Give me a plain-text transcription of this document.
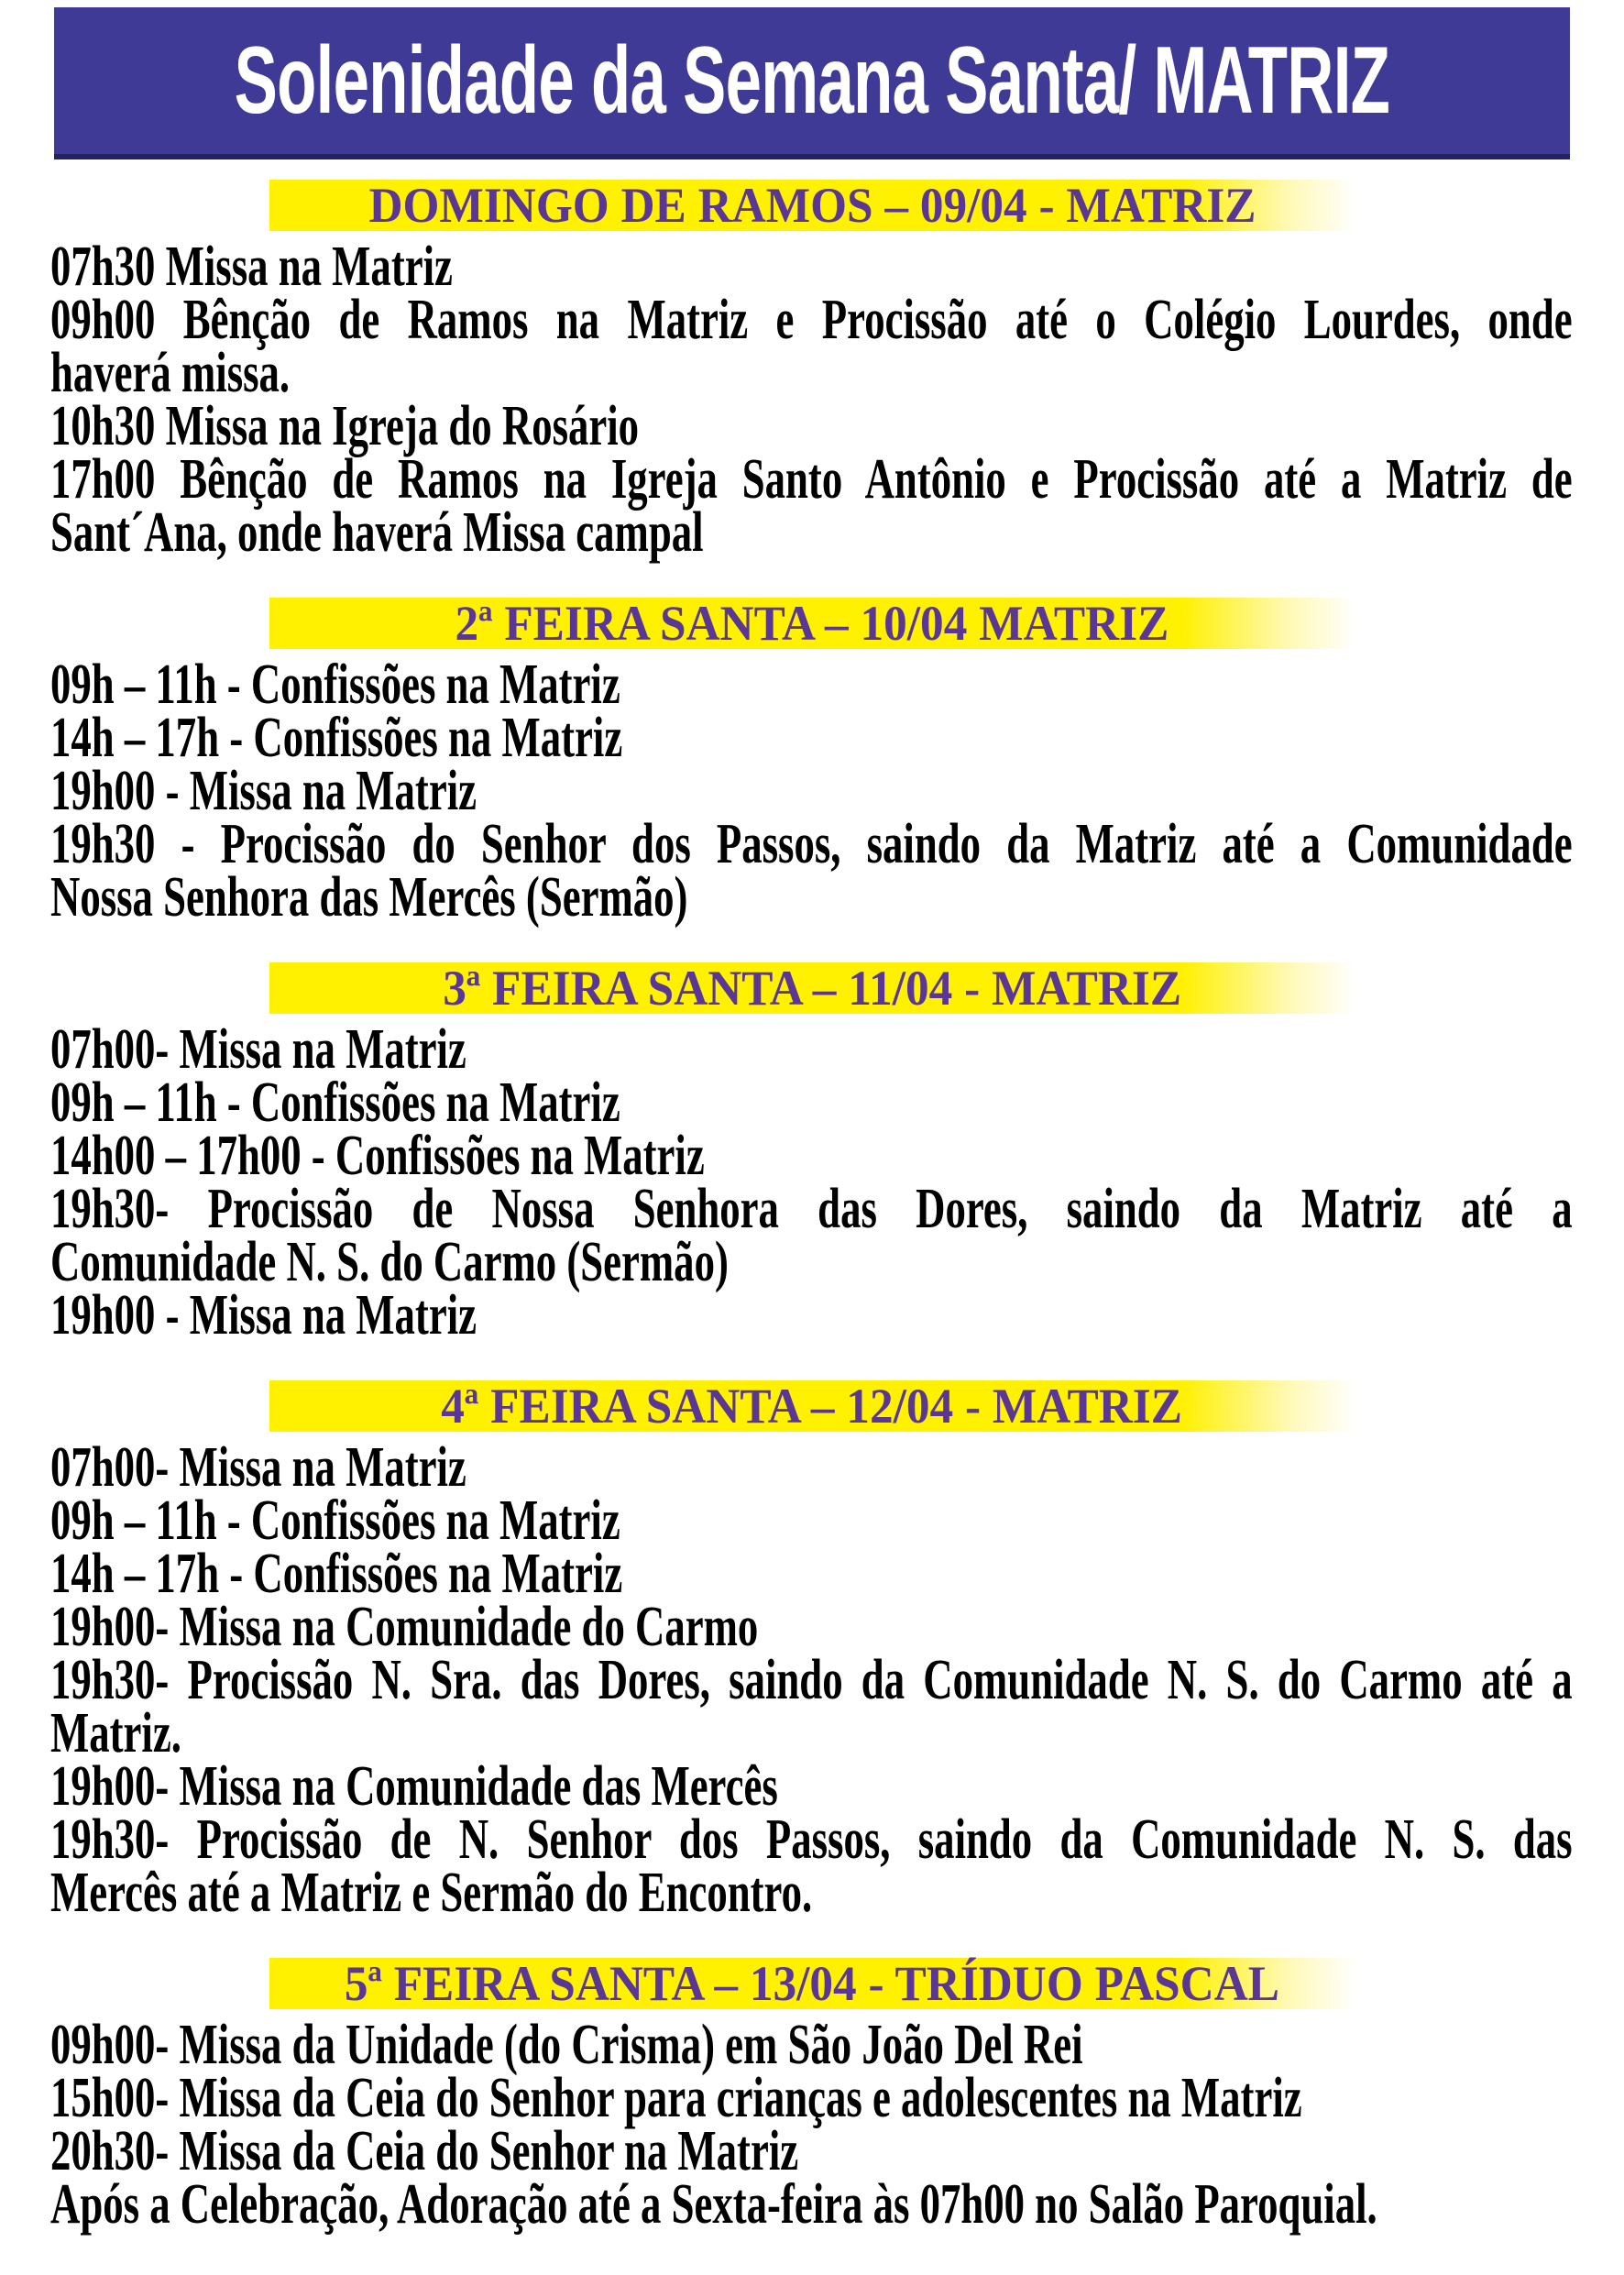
Solenidade da Semana Santa/ MATRIZ
DOMINGO DE RAMOS – 09/04 - MATRIZ

07h30 Missa na Matriz

09h00 Bênção de Ramos na Matriz e Procissão até o Colégio Lourdes, onde

haverá missa.

10h30 Missa na Igreja do Rosário

17h00 Bênção de Ramos na Igreja Santo Antônio e Procissão até a Matriz de

Sant´Ana, onde haverá Missa campal

2ª FEIRA SANTA – 10/04 MATRIZ

09h – 11h - Confissões na Matriz

14h – 17h - Confissões na Matriz

19h00 - Missa na Matriz

19h30 - Procissão do Senhor dos Passos, saindo da Matriz até a Comunidade

Nossa Senhora das Mercês (Sermão)

3ª FEIRA SANTA – 11/04 - MATRIZ

07h00- Missa na Matriz

09h – 11h - Confissões na Matriz

14h00 – 17h00 - Confissões na Matriz

19h30- Procissão de Nossa Senhora das Dores, saindo da Matriz até a

Comunidade N. S. do Carmo (Sermão)

19h00 - Missa na Matriz

4ª FEIRA SANTA – 12/04 - MATRIZ

07h00- Missa na Matriz

09h – 11h - Confissões na Matriz

14h – 17h - Confissões na Matriz

19h00- Missa na Comunidade do Carmo

19h30- Procissão N. Sra. das Dores, saindo da Comunidade N. S. do Carmo até a

Matriz.

19h00- Missa na Comunidade das Mercês

19h30- Procissão de N. Senhor dos Passos, saindo da Comunidade N. S. das

Mercês até a Matriz e Sermão do Encontro.

5ª FEIRA SANTA – 13/04 - TRÍDUO PASCAL

09h00- Missa da Unidade (do Crisma) em São João Del Rei

15h00- Missa da Ceia do Senhor para crianças e adolescentes na Matriz

20h30- Missa da Ceia do Senhor na Matriz

Após a Celebração, Adoração até a Sexta-feira às 07h00 no Salão Paroquial.
